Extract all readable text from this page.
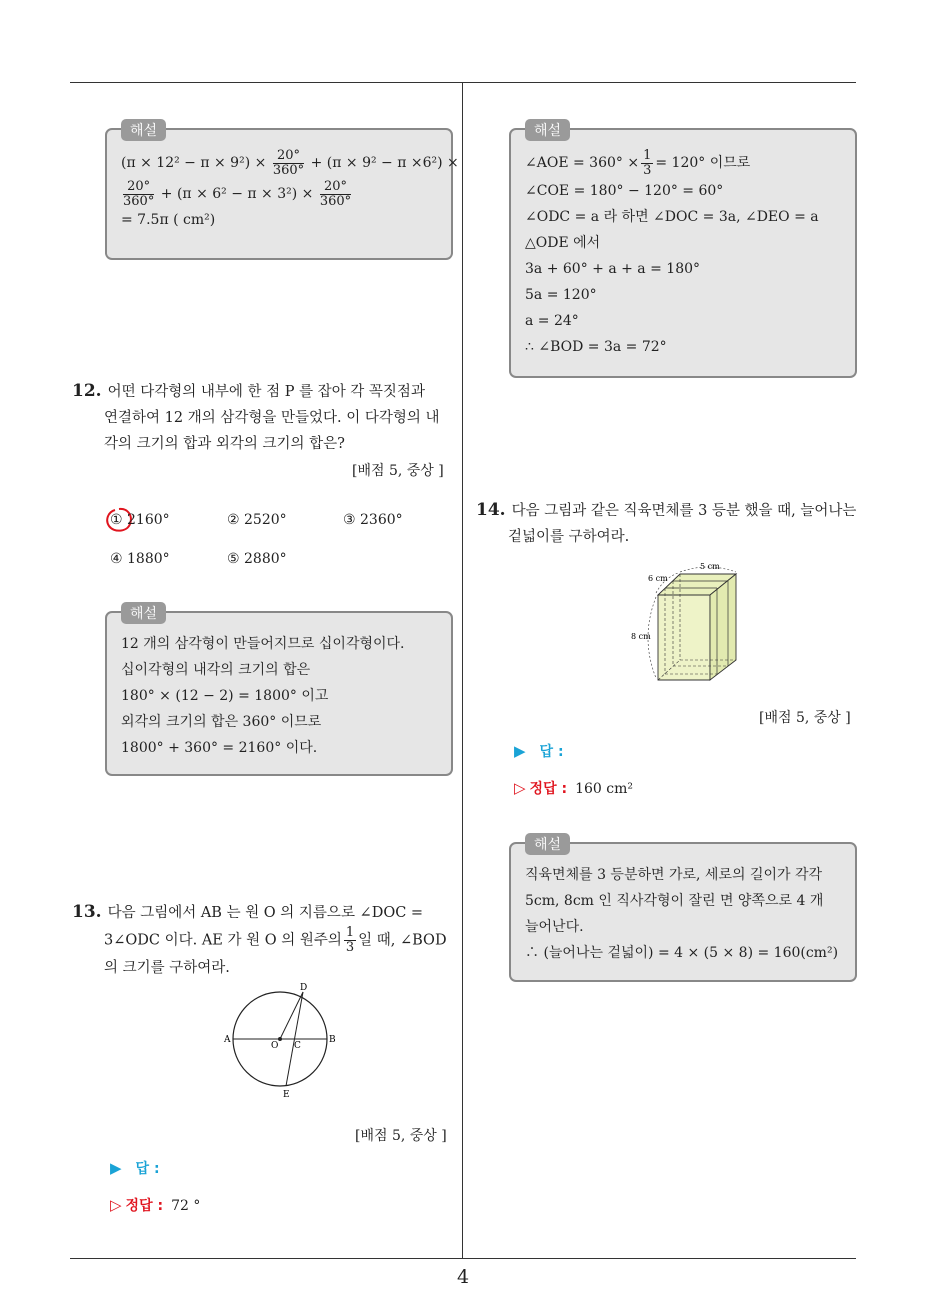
4
해설
$(\pi \times 12^2 - \pi \times 9^2) \times \frac{20^\circ}{360^\circ} + (\pi \times 9^2 - \pi \times 6^2)$ ×
$\frac{20^\circ}{360^\circ} + (\pi \times 6^2 - \pi \times 3^2) \times \frac{20^\circ}{360^\circ}$
= 7.5π ( cm²)
12. 어떤 다각형의 내부에 한 점 P 를 잡아 각 꼭짓점과
연결하여 12 개의 삼각형을 만들었다. 이 다각형의 내
각의 크기의 합과 외각의 크기의 합은?
[배점 5, 중상 ]
① 2160°	② 2520°	③ 2360°
④ 1880°	⑤ 2880°
해설
12 개의 삼각형이 만들어지므로 십이각형이다.
십이각형의 내각의 크기의 합은
180° × (12 − 2) = 1800° 이고
외각의 크기의 합은 360° 이므로
1800° + 360° = 2160° 이다.
13. 다음 그림에서 AB 는 원 O 의 지름으로 ∠DOC =
3∠ODC 이다. AE 가 원 O 의 원주의 $\frac{1}{3}$ 일 때, ∠BOD
의 크기를 구하여라.
A	B
D
E
O C
[배점 5, 중상 ]
▶ 답 :
▷ 정답 : 72 °
해설
∠AOE = $360^\circ \times \frac{1}{3} = 120^\circ$ 이므로
∠COE = 180° − 120° = 60°
∠ODC = a 라 하면 ∠DOC = 3a, ∠DEO = a
△ODE 에서
3a + 60° + a + a = 180°
5a = 120°
a = 24°
∴ ∠BOD = 3a = 72°
14. 다음 그림과 같은 직육면체를 3 등분 했을 때, 늘어나는
겉넓이를 구하여라.
5 cm
6 cm
8 cm
[배점 5, 중상 ]
▶ 답 :
▷ 정답 : 160 cm²
해설
직육면체를 3 등분하면 가로, 세로의 길이가 각각
5cm, 8cm 인 직사각형이 잘린 면 양쪽으로 4 개
늘어난다.
∴ (늘어나는 겉넓이) = 4 × (5 × 8) = 160(cm²)
